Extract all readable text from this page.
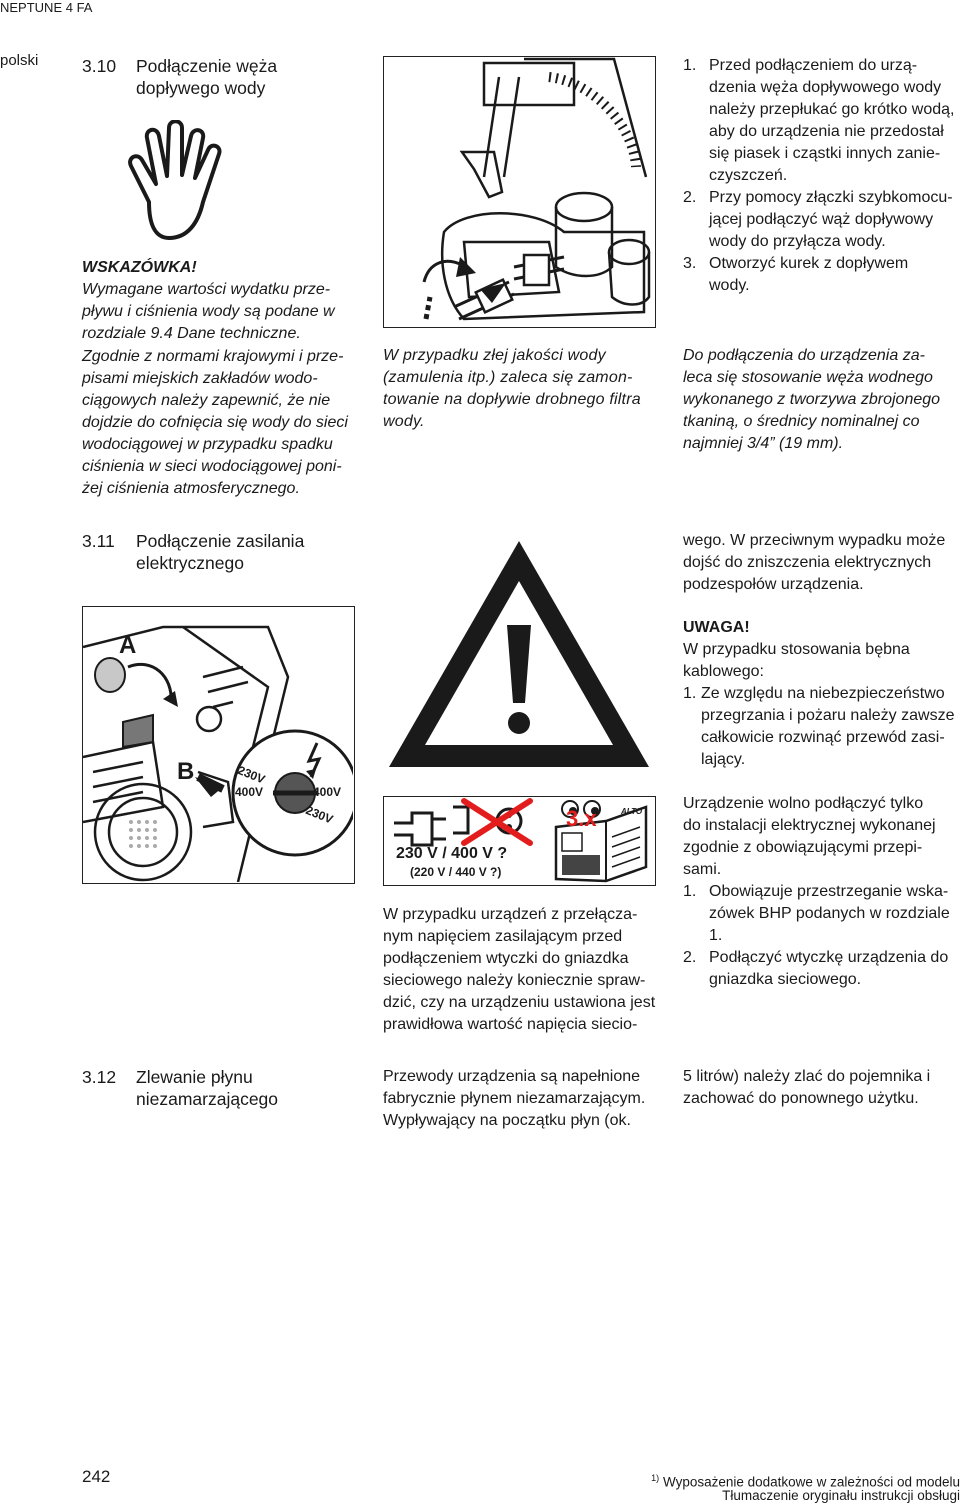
NEPTUNE 4 FA
polski 3.10 Podłączenie węża
dopływego wody
WSKAZÓWKA!
Wymagane wartości wydatku prze-
pływu i ciśnienia wody są podane w
rozdziale 9.4 Dane techniczne.
Zgodnie z normami krajowymi i prze-
pisami miejskich zakładów wodo-
ciągowych należy zapewnić, że nie
dojdzie do cofnięcia się wody do sieci
wodociągowej w przypadku spadku
ciśnienia w sieci wodociągowej poni-
żej ciśnienia atmosferycznego.
W przypadku złej jakości wody
(zamulenia itp.) zaleca się zamon-
towanie na dopływie drobnego filtra
wody.
1. Przed podłączeniem do urzą-
dzenia węża dopływowego wody
należy przepłukać go krótko wodą,
aby do urządzenia nie przedostał
się piasek i cząstki innych zanie-
czyszczeń.
2. Przy pomocy złączki szybkomocu-
jącej podłączyć wąż dopływowy
wody do przyłącza wody.
3. Otworzyć kurek z dopływem
wody.
Do podłączenia do urządzenia za-
leca się stosowanie węża wodnego
wykonanego z tworzywa zbrojonego
tkaniną, o średnicy nominalnej co
najmniej 3/4” (19 mm).
3.11 Podłączenie zasilania
elektrycznego
A
B	230V
400V	400V
230V	3.x	ALTO
230 V / 400 V ?
(220 V / 440 V ?)
W przypadku urządzeń z przełącza-
nym napięciem zasilającym przed
podłączeniem wtyczki do gniazdka
sieciowego należy koniecznie spraw-
dzić, czy na urządzeniu ustawiona jest
prawidłowa wartość napięcia siecio-
wego. W przeciwnym wypadku może
dojść do zniszczenia elektrycznych
podzespołów urządzenia.
UWAGA!
W przypadku stosowania bębna
kablowego:
1. Ze względu na niebezpieczeństwo
przegrzania i pożaru należy zawsze
całkowicie rozwinąć przewód zasi-
lający.
Urządzenie wolno podłączyć tylko
do instalacji elektrycznej wykonanej
zgodnie z obowiązującymi przepi-
sami.
1. Obowiązuje przestrzeganie wska-
zówek BHP podanych w rozdziale
1.
2. Podłączyć wtyczkę urządzenia do
gniazdka sieciowego.
3.12 Zlewanie płynu
niezamarzającego
Przewody urządzenia są napełnione
fabrycznie płynem niezamarzającym.
Wypływający na początku płyn (ok.
5 litrów) należy zlać do pojemnika i
zachować do ponownego użytku.
242	$^{1)}$ Wyposażenie dodatkowe w zależności od modelu
Tłumaczenie oryginału instrukcji obsługi
